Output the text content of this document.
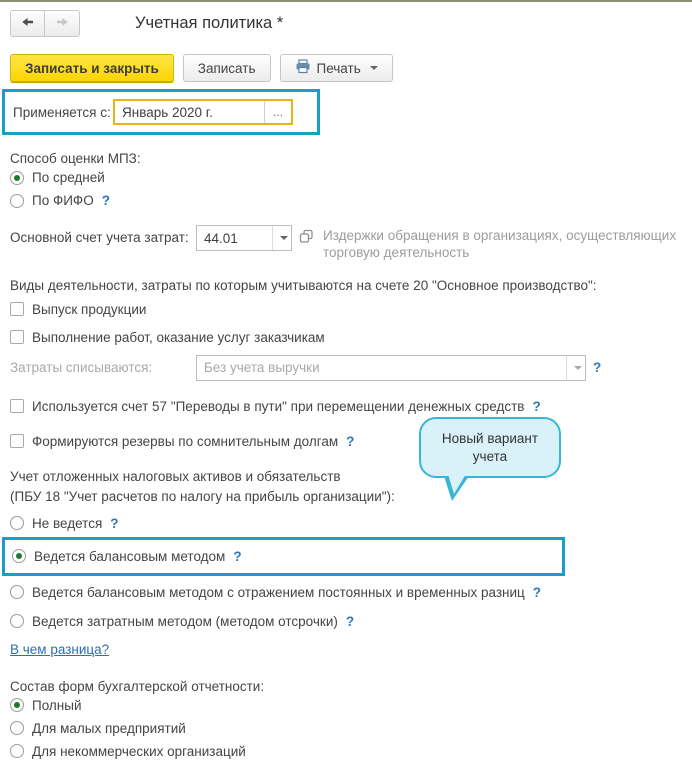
Учетная политика *
Записать и закрыть	Записать	Печать
Применяется с: Январь 2020 г.	...
Способ оценки МПЗ:
По средней
По ФИФО ?
Основной счет учета затрат:	44.01	Издержки обращения в организациях, осуществляющих торговую деятельность
Виды деятельности, затраты по которым учитываются на счете 20 "Основное производство":
Выпуск продукции
Выполнение работ, оказание услуг заказчикам
Затраты списываются:	Без учета выручки	?
Используется счет 57 "Переводы в пути" при перемещении денежных средств ?
Формируются резервы по сомнительным долгам ?
Учет отложенных налоговых активов и обязательств
(ПБУ 18 "Учет расчетов по налогу на прибыль организации"):
Не ведется ?
Ведется балансовым методом ?
Ведется балансовым методом с отражением постоянных и временных разниц ?
Ведется затратным методом (методом отсрочки) ?
В чем разница?
Состав форм бухгалтерской отчетности:
Полный
Для малых предприятий
Для некоммерческих организаций
Новый вариант учета
